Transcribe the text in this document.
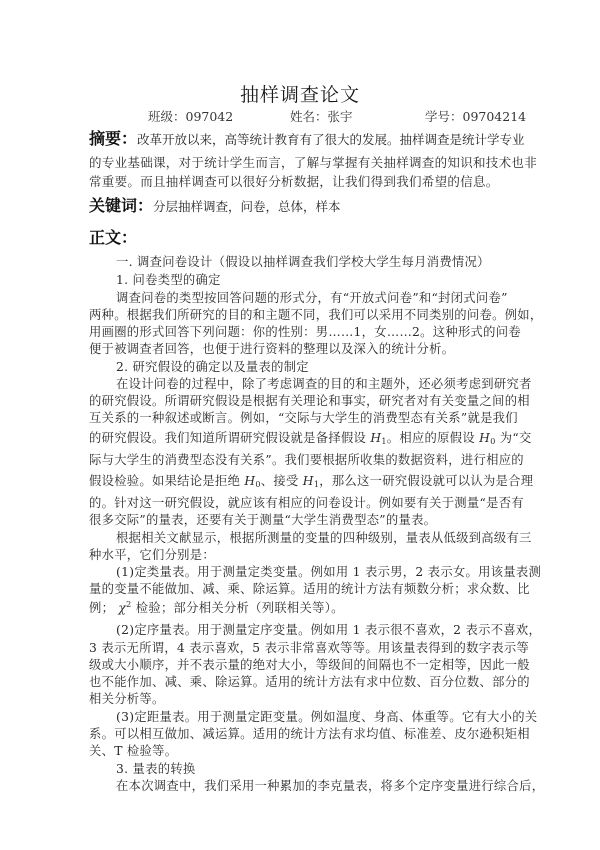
抽样调查论文
班级：097042	姓名：张宇	学号：09704214
摘要：改革开放以来，高等统计教育有了很大的发展。抽样调查是统计学专业
的专业基础课，对于统计学生而言，了解与掌握有关抽样调查的知识和技术也非
常重要。而且抽样调查可以很好分析数据，让我们得到我们希望的信息。
关键词：分层抽样调查，问卷，总体，样本
正文：
一. 调查问卷设计（假设以抽样调查我们学校大学生每月消费情况）
1. 问卷类型的确定
调查问卷的类型按回答问题的形式分，有“开放式问卷”和“封闭式问卷”
两种。根据我们所研究的目的和主题不同，我们可以采用不同类别的问卷。例如，
用画圈的形式回答下列问题：你的性别：男……1，女……2。这种形式的问卷
便于被调查者回答，也便于进行资料的整理以及深入的统计分析。
2. 研究假设的确定以及量表的制定
在设计问卷的过程中，除了考虑调查的目的和主题外，还必须考虑到研究者
的研究假设。所谓研究假设是根据有关理论和事实，研究者对有关变量之间的相
互关系的一种叙述或断言。例如，“交际与大学生的消费型态有关系”就是我们
的研究假设。我们知道所谓研究假设就是备择假设 $H_1$。相应的原假设 $H_0$ 为“交
际与大学生的消费型态没有关系”。我们要根据所收集的数据资料，进行相应的
假设检验。如果结论是拒绝 $H_0$、接受 $H_1$，那么这一研究假设就可以认为是合理
的。针对这一研究假设，就应该有相应的问卷设计。例如要有关于测量“是否有
很多交际”的量表，还要有关于测量“大学生消费型态”的量表。
根据相关文献显示，根据所测量的变量的四种级别，量表从低级到高级有三
种水平，它们分别是：
(1)定类量表。用于测量定类变量。例如用 1 表示男，2 表示女。用该量表测
量的变量不能做加、减、乘、除运算。适用的统计方法有频数分析；求众数、比
例； $\chi^2$ 检验；部分相关分析（列联相关等）。
(2)定序量表。用于测量定序变量。例如用 1 表示很不喜欢，2 表示不喜欢，
3 表示无所谓，4 表示喜欢，5 表示非常喜欢等等。用该量表得到的数字表示等
级或大小顺序，并不表示量的绝对大小，等级间的间隔也不一定相等，因此一般
也不能作加、减、乘、除运算。适用的统计方法有求中位数、百分位数、部分的
相关分析等。
(3)定距量表。用于测量定距变量。例如温度、身高、体重等。它有大小的关
系。可以相互做加、减运算。适用的统计方法有求均值、标准差、皮尔逊积矩相
关、T 检验等。
3. 量表的转换
在本次调查中，我们采用一种累加的李克量表，将多个定序变量进行综合后，
